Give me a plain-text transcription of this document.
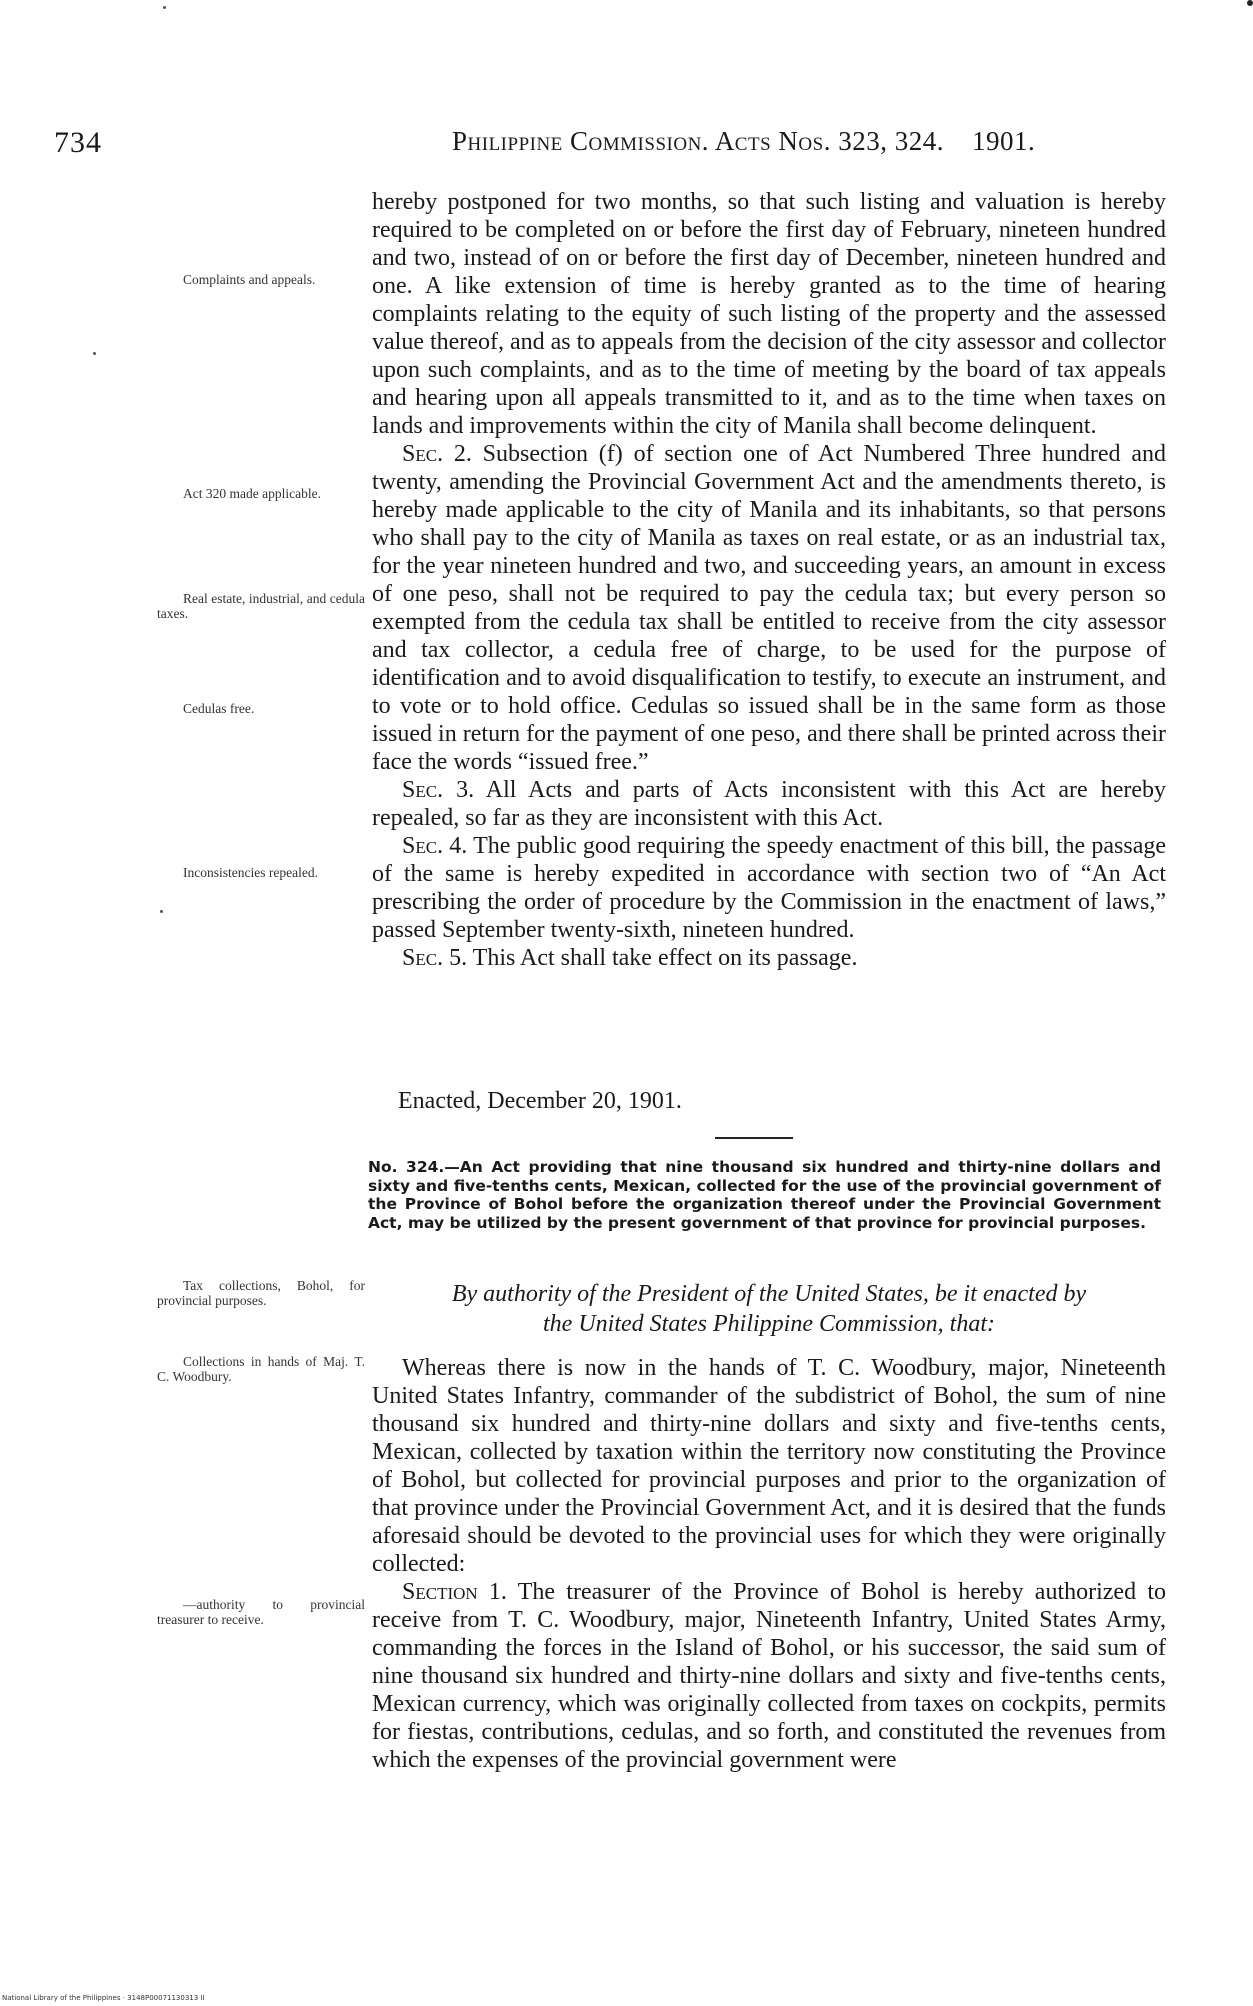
734	Philippine Commission. Acts Nos. 323, 324. 1901.
Complaints and appeals.
Act 320 made applicable.
Real estate, industrial, and cedula taxes.
Cedulas free.
Inconsistencies repealed.
Tax collections, Bohol, for provincial purposes.
Collections in hands of Maj. T. C. Woodbury.
—authority to provincial treasurer to receive.

hereby postponed for two months, so that such listing and valuation is hereby required to be completed on or before the first day of February, nineteen hundred and two, instead of on or before the first day of December, nineteen hundred and one. A like extension of time is hereby granted as to the time of hearing complaints relating to the equity of such listing of the property and the assessed value thereof, and as to appeals from the decision of the city assessor and collector upon such complaints, and as to the time of meeting by the board of tax appeals and hearing upon all appeals transmitted to it, and as to the time when taxes on lands and improvements within the city of Manila shall become delinquent.

Sec. 2. Subsection (f) of section one of Act Numbered Three hundred and twenty, amending the Provincial Government Act and the amendments thereto, is hereby made applicable to the city of Manila and its inhabitants, so that persons who shall pay to the city of Manila as taxes on real estate, or as an industrial tax, for the year nineteen hundred and two, and succeeding years, an amount in excess of one peso, shall not be required to pay the cedula tax; but every person so exempted from the cedula tax shall be entitled to receive from the city assessor and tax collector, a cedula free of charge, to be used for the purpose of identification and to avoid disqualification to testify, to execute an instrument, and to vote or to hold office. Cedulas so issued shall be in the same form as those issued in return for the payment of one peso, and there shall be printed across their face the words “issued free.”

Sec. 3. All Acts and parts of Acts inconsistent with this Act are hereby repealed, so far as they are inconsistent with this Act.

Sec. 4. The public good requiring the speedy enactment of this bill, the passage of the same is hereby expedited in accordance with section two of “An Act prescribing the order of procedure by the Commission in the enactment of laws,” passed September twenty-sixth, nineteen hundred.

Sec. 5. This Act shall take effect on its passage.

Enacted, December 20, 1901.
No. 324.—An Act providing that nine thousand six hundred and thirty-nine dollars and sixty and five-tenths cents, Mexican, collected for the use of the provincial government of the Province of Bohol before the organization thereof under the Provincial Government Act, may be utilized by the present government of that province for provincial purposes.
By authority of the President of the United States, be it enacted by
the United States Philippine Commission, that:

Whereas there is now in the hands of T. C. Woodbury, major, Nineteenth United States Infantry, commander of the subdistrict of Bohol, the sum of nine thousand six hundred and thirty-nine dollars and sixty and five-tenths cents, Mexican, collected by taxation within the territory now constituting the Province of Bohol, but collected for provincial purposes and prior to the organization of that province under the Provincial Government Act, and it is desired that the funds aforesaid should be devoted to the provincial uses for which they were originally collected:

Section 1. The treasurer of the Province of Bohol is hereby authorized to receive from T. C. Woodbury, major, Nineteenth Infantry, United States Army, commanding the forces in the Island of Bohol, or his successor, the said sum of nine thousand six hundred and thirty-nine dollars and sixty and five-tenths cents, Mexican currency, which was originally collected from taxes on cockpits, permits for fiestas, contributions, cedulas, and so forth, and constituted the revenues from which the expenses of the provincial government were

National Library of the Philippines · 3148P00071130313 II
